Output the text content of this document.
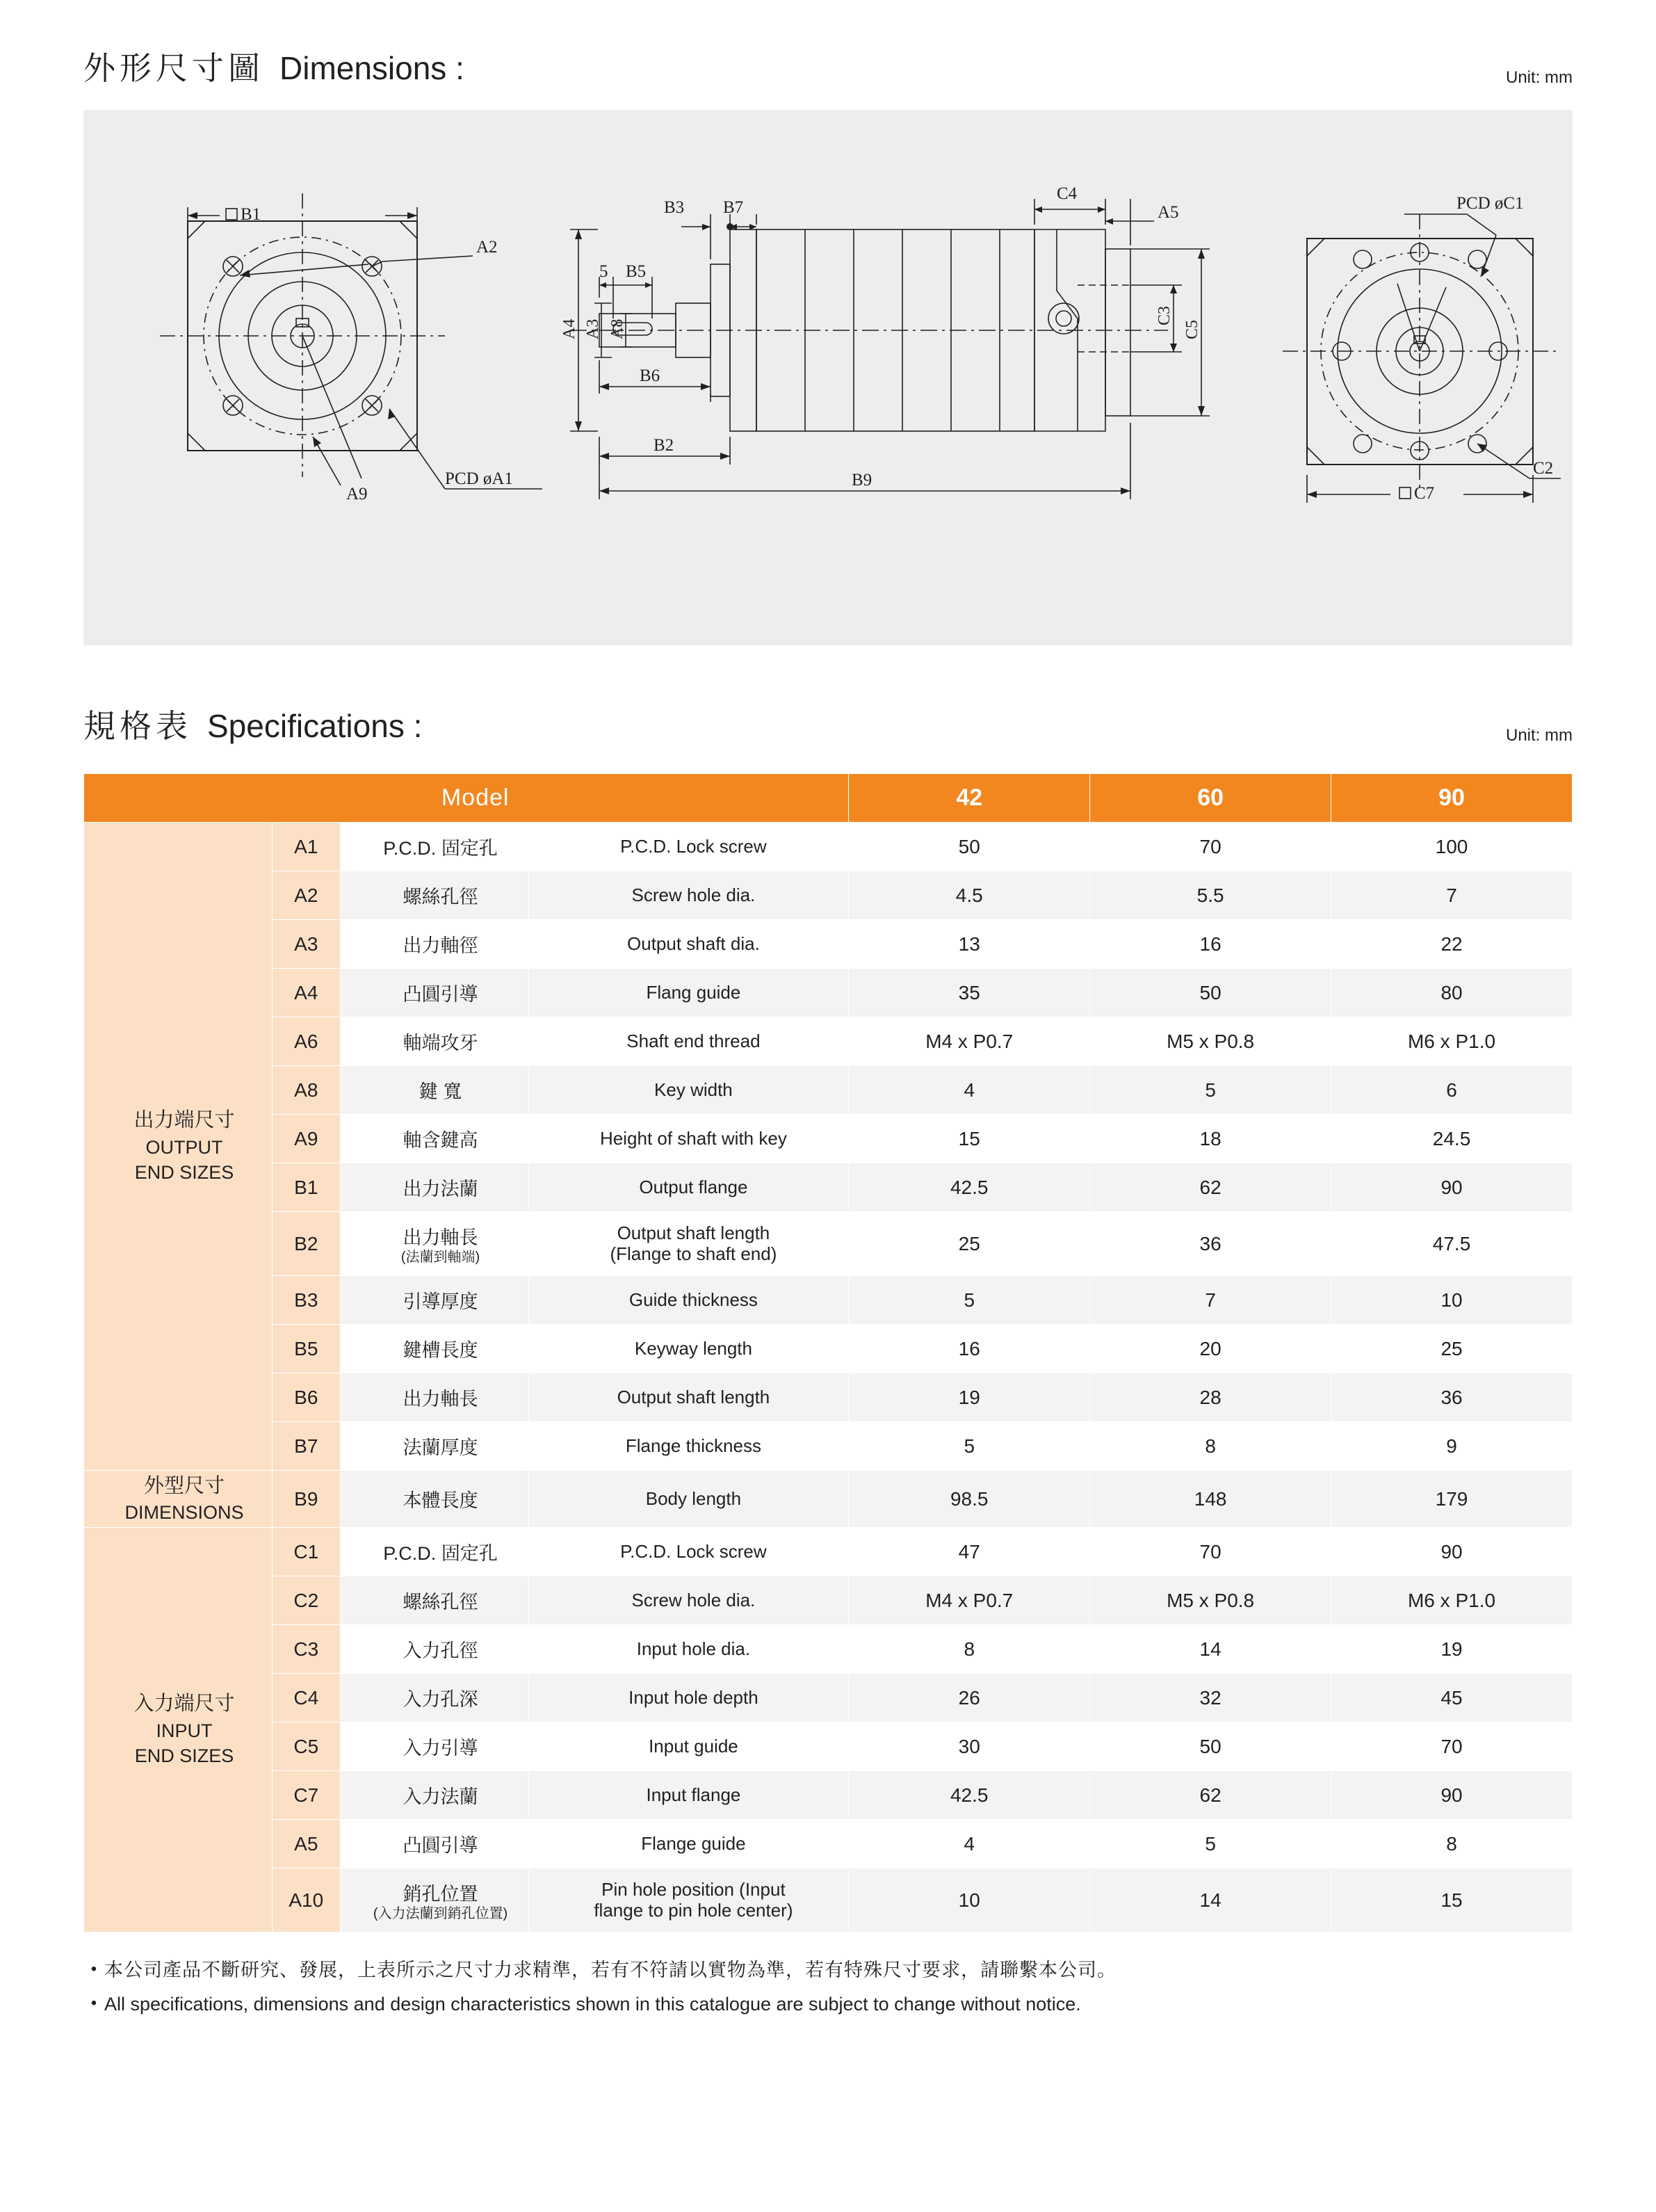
外形尺寸圖 Dimensions :	Unit: mm
B1
A2
A9
PCD øA1
A4 A3 A8
5 B5
B6
B2
B9
B3 B7
C4
A5
C3
C5
PCD øC1
C2
C7
規格表 Specifications :	Unit: mm
Model				42	60	90

出力端尺寸
OUTPUT
END SIZES	A1	P.C.D. 固定孔	P.C.D. Lock screw	50	70	100
	A2	螺絲孔徑	Screw hole dia.	4.5	5.5	7
	A3	出力軸徑	Output shaft dia.	13	16	22
	A4	凸圓引導	Flang guide	35	50	80
	A6	軸端攻牙	Shaft end thread	M4 x P0.7	M5 x P0.8	M6 x P1.0
	A8	鍵 寬	Key width	4	5	6
	A9	軸含鍵高	Height of shaft with key	15	18	24.5
	B1	出力法蘭	Output flange	42.5	62	90
	B2	出力軸長
(法蘭到軸端)	Output shaft length
(Flange to shaft end)	25	36	47.5
	B3	引導厚度	Guide thickness	5	7	10
	B5	鍵槽長度	Keyway length	16	20	25
	B6	出力軸長	Output shaft length	19	28	36
	B7	法蘭厚度	Flange thickness	5	8	9

外型尺寸
DIMENSIONS	B9	本體長度	Body length	98.5	148	179

入力端尺寸
INPUT
END SIZES	C1	P.C.D. 固定孔	P.C.D. Lock screw	47	70	90
	C2	螺絲孔徑	Screw hole dia.	M4 x P0.7	M5 x P0.8	M6 x P1.0
	C3	入力孔徑	Input hole dia.	8	14	19
	C4	入力孔深	Input hole depth	26	32	45
	C5	入力引導	Input guide	30	50	70
	C7	入力法蘭	Input flange	42.5	62	90
	A5	凸圓引導	Flange guide	4	5	8
	A10	銷孔位置
(入力法蘭到銷孔位置)	Pin hole position (Input
flange to pin hole center)	10	14	15
• 本公司產品不斷研究、發展，上表所示之尺寸力求精準，若有不符請以實物為準，若有特殊尺寸要求，請聯繫本公司。
• All specifications, dimensions and design characteristics shown in this catalogue are subject to change without notice.
